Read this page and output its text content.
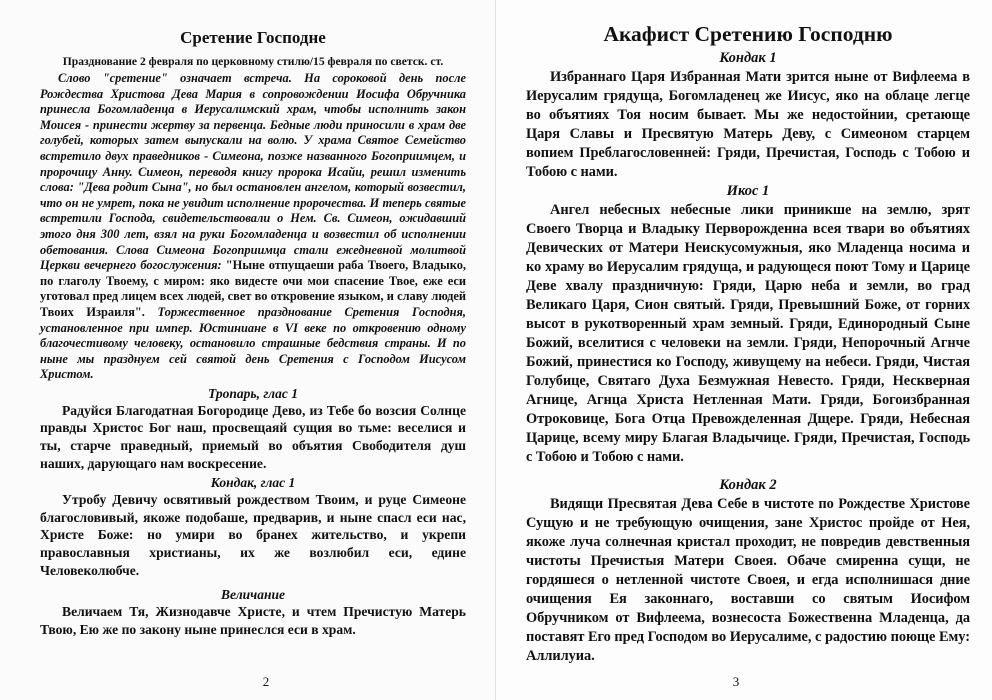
Сретение Господне
Празднование 2 февраля по церковному стилю/15 февраля по светск. ст.

Слово "сретение" означает встреча. На сороковой день после Рождества Христова Дева Мария в сопровождении Иосифа Обручника принесла Богомладенца в Иерусалимский храм, чтобы исполнить закон Моисея - принести жертву за первенца. Бедные люди приносили в храм две голубей, которых затем выпускали на волю. У храма Святое Семейство встретило двух праведников - Симеона, позже названного Богоприимцем, и пророчицу Анну. Симеон, переводя книгу пророка Исайи, решил изменить слова: "Дева родит Сына", но был остановлен ангелом, который возвестил, что он не умрет, пока не увидит исполнение пророчества. И теперь святые встретили Господа, свидетельствовали о Нем. Св. Симеон, ожидавший этого дня 300 лет, взял на руки Богомладенца и возвестил об исполнении обетования. Слова Симеона Богоприимца стали ежедневной молитвой Церкви вечернего богослужения: "Ныне отпущаеши раба Твоего, Владыко, по глаголу Твоему, с миром: яко видесте очи мои спасение Твое, еже еси уготовал пред лицем всех людей, свет во откровение языком, и славу людей Твоих Израиля". Торжественное празднование Сретения Господня, установленное при импер. Юстиниане в VI веке по откровению одному благочестивому человеку, остановило страшные бедствия страны. И по ныне мы празднуем сей святой день Сретения с Господом Иисусом Христом.

Тропарь, глас 1

Радуйся Благодатная Богородице Дево, из Тебе бо возсия Солнце правды Христос Бог наш, просвещаяй сущия во тьме: веселися и ты, старче праведный, приемый во объятия Свободителя душ наших, дарующаго нам воскресение.

Кондак, глас 1

Утробу Девичу освятивый рождеством Твоим, и руце Симеоне благословивый, якоже подобаше, предварив, и ныне спасл еси нас, Христе Боже: но умири во бранех жительство, и укрепи православныя христианы, их же возлюбил еси, едине Человеколюбче.

Величание

Величаем Тя, Жизнодавче Христе, и чтем Пречистую Матерь Твою, Ею же по закону ныне принеслся еси в храм.

2
Акафист Сретению Господню
Кондак 1

Избраннаго Царя Избранная Мати зрится ныне от Вифлеема в Иерусалим грядуща, Богомладенец же Иисус, яко на облаце легце во объятиях Тоя носим бывает. Мы же недостойнии, сретающе Царя Славы и Пресвятую Матерь Деву, с Симеоном старцем вопием Преблагословенней: Гряди, Пречистая, Господь с Тобою и Тобою с нами.

Икос 1

Ангел небесных небесные лики приникше на землю, зрят Своего Творца и Владыку Перворожденна всея твари во объятиях Девических от Матери Неискусомужныя, яко Младенца носима и ко храму во Иерусалим грядуща, и радующеся поют Тому и Царице Деве хвалу праздничную: Гряди, Царю неба и земли, во град Великаго Царя, Сион святый. Гряди, Превышний Боже, от горних высот в рукотворенный храм земный. Гряди, Единородный Сыне Божий, вселитися с человеки на земли. Гряди, Непорочный Агнче Божий, принестися ко Господу, живущему на небеси. Гряди, Чистая Голубице, Святаго Духа Безмужная Невесто. Гряди, Нескверная Агнице, Агнца Христа Нетленная Мати. Гряди, Богоизбранная Отроковице, Бога Отца Превожделенная Дщере. Гряди, Небесная Царице, всему миру Благая Владычице. Гряди, Пречистая, Господь с Тобою и Тобою с нами.

Кондак 2

Видящи Пресвятая Дева Себе в чистоте по Рождестве Христове Сущую и не требующую очищения, зане Христос пройде от Нея, якоже луча солнечная кристал проходит, не повредив девственныя чистоты Пречистыя Матери Своея. Обаче смиренна сущи, не гордяшеся о нетленной чистоте Своея, и егда исполнишася дние очищения Ея законнаго, воставши со святым Иосифом Обручником от Вифлеема, вознесоста Божественна Младенца, да поставят Его пред Господом во Иерусалиме, с радостию поюще Ему: Аллилуиа.

3
